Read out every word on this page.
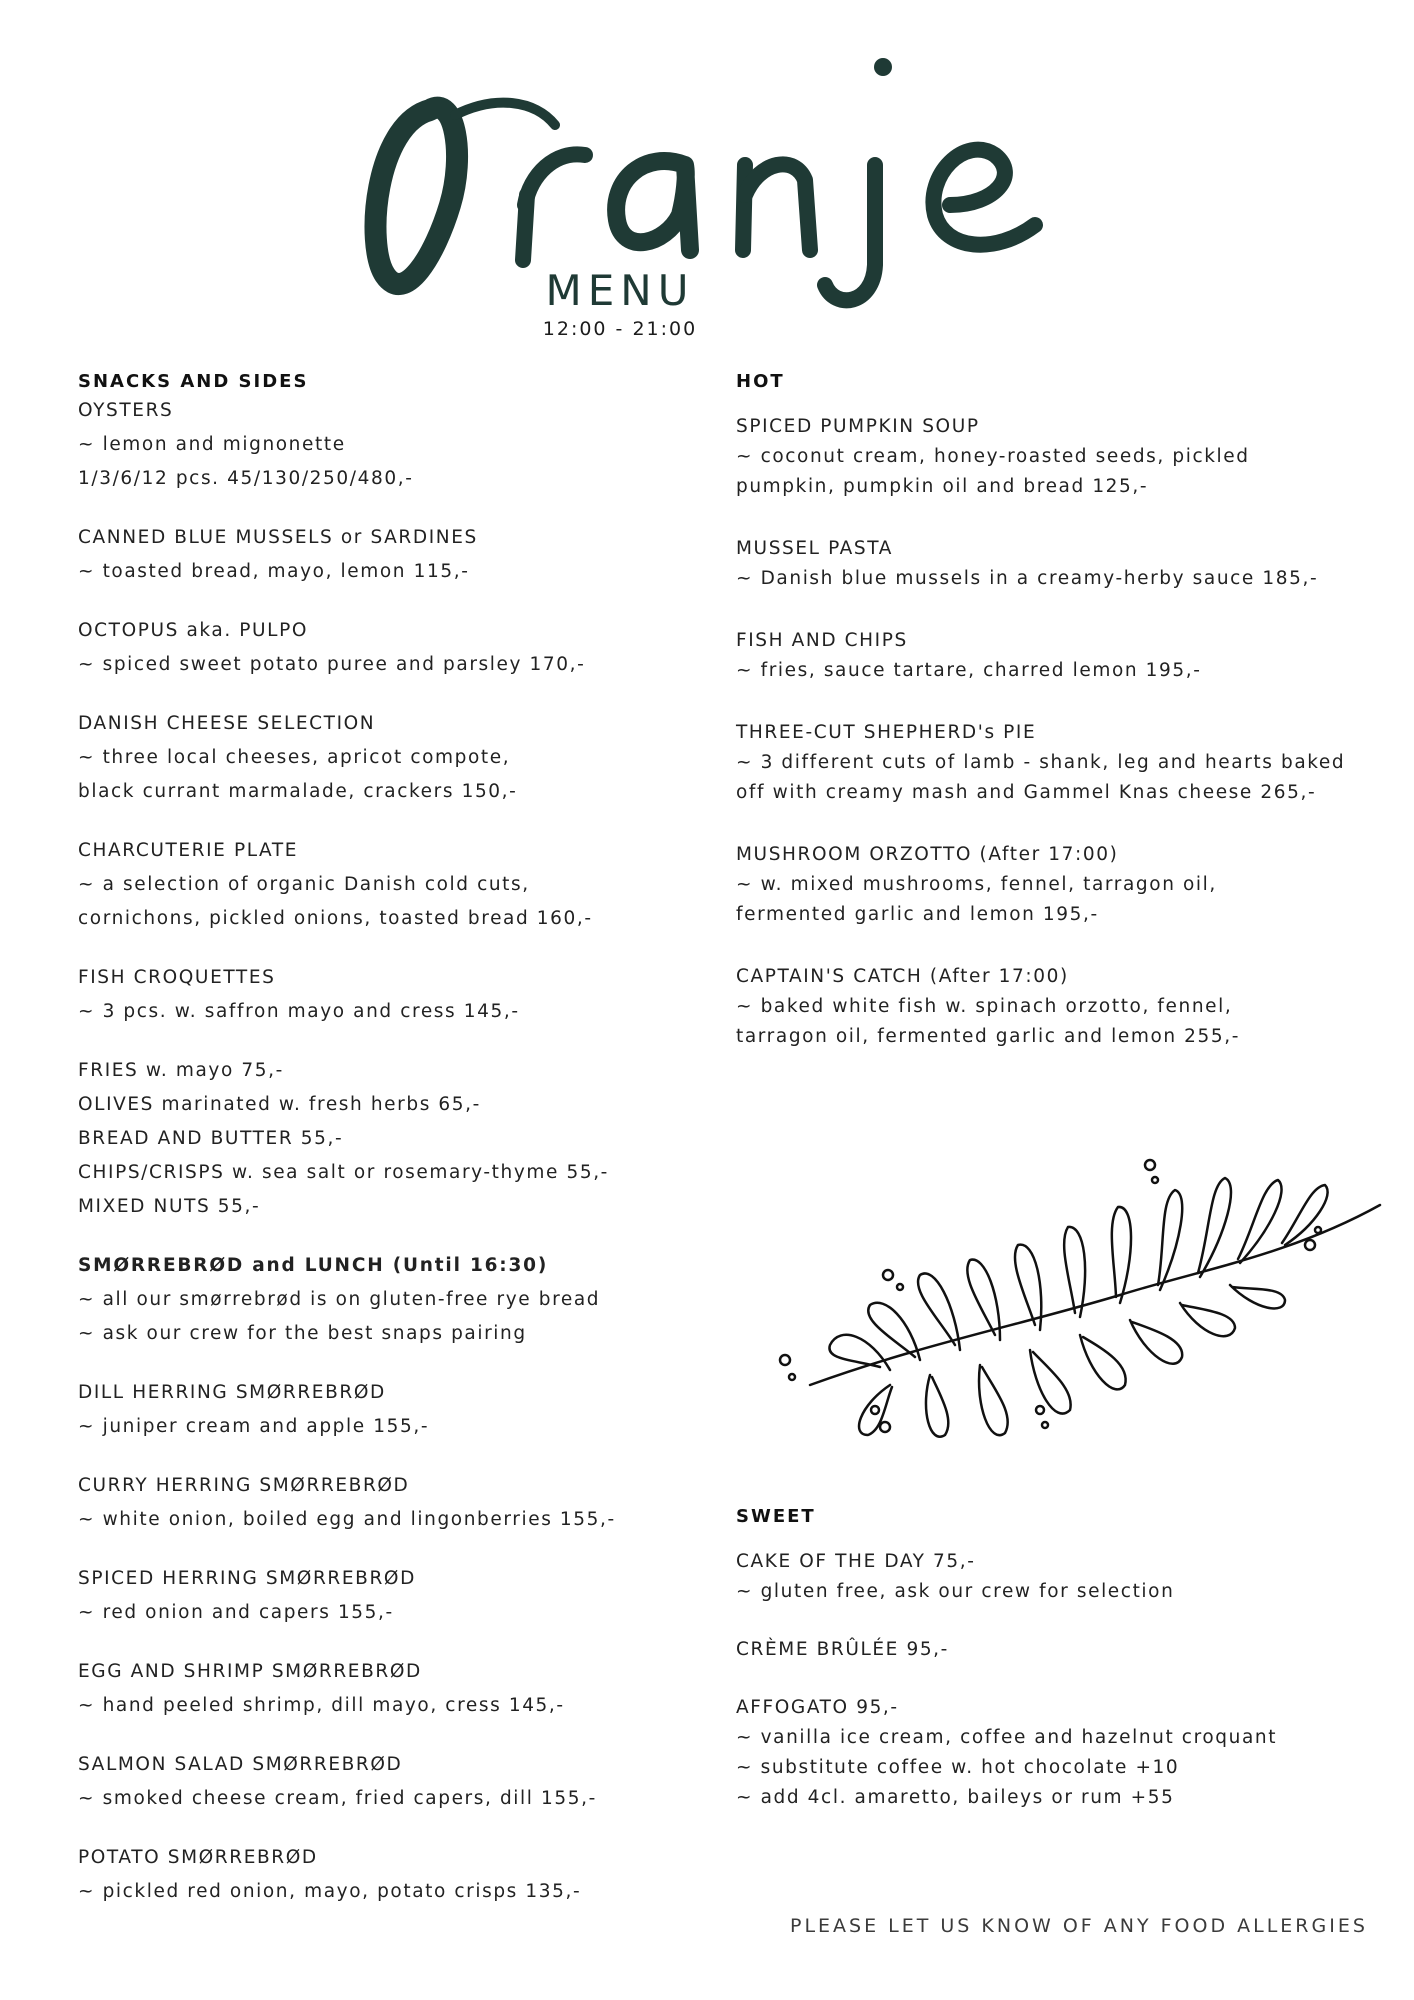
MENU
12:00 - 21:00
SNACKS AND SIDES
OYSTERS
~ lemon and mignonette
1/3/6/12 pcs. 45/130/250/480,-
CANNED BLUE MUSSELS or SARDINES
~ toasted bread, mayo, lemon 115,-
OCTOPUS aka. PULPO
~ spiced sweet potato puree and parsley 170,-
DANISH CHEESE SELECTION
~ three local cheeses, apricot compote,
black currant marmalade, crackers 150,-
CHARCUTERIE PLATE
~ a selection of organic Danish cold cuts,
cornichons, pickled onions, toasted bread 160,-
FISH CROQUETTES
~ 3 pcs. w. saffron mayo and cress 145,-
FRIES w. mayo 75,-
OLIVES marinated w. fresh herbs 65,-
BREAD AND BUTTER 55,-
CHIPS/CRISPS w. sea salt or rosemary-thyme 55,-
MIXED NUTS 55,-
SMØRREBRØD and LUNCH (Until 16:30)
~ all our smørrebrød is on gluten-free rye bread
~ ask our crew for the best snaps pairing
DILL HERRING SMØRREBRØD
~ juniper cream and apple 155,-
CURRY HERRING SMØRREBRØD
~ white onion, boiled egg and lingonberries 155,-
SPICED HERRING SMØRREBRØD
~ red onion and capers 155,-
EGG AND SHRIMP SMØRREBRØD
~ hand peeled shrimp, dill mayo, cress 145,-
SALMON SALAD SMØRREBRØD
~ smoked cheese cream, fried capers, dill 155,-
POTATO SMØRREBRØD
~ pickled red onion, mayo, potato crisps 135,-
HOT
SPICED PUMPKIN SOUP
~ coconut cream, honey-roasted seeds, pickled
pumpkin, pumpkin oil and bread 125,-
MUSSEL PASTA
~ Danish blue mussels in a creamy-herby sauce 185,-
FISH AND CHIPS
~ fries, sauce tartare, charred lemon 195,-
THREE-CUT SHEPHERD's PIE
~ 3 different cuts of lamb - shank, leg and hearts baked
off with creamy mash and Gammel Knas cheese 265,-
MUSHROOM ORZOTTO (After 17:00)
~ w. mixed mushrooms, fennel, tarragon oil,
fermented garlic and lemon 195,-
CAPTAIN'S CATCH (After 17:00)
~ baked white fish w. spinach orzotto, fennel,
tarragon oil, fermented garlic and lemon 255,-
SWEET
CAKE OF THE DAY 75,-
~ gluten free, ask our crew for selection
CRÈME BRÛLÉE 95,-
AFFOGATO 95,-
~ vanilla ice cream, coffee and hazelnut croquant
~ substitute coffee w. hot chocolate +10
~ add 4cl. amaretto, baileys or rum +55
PLEASE LET US KNOW OF ANY FOOD ALLERGIES
